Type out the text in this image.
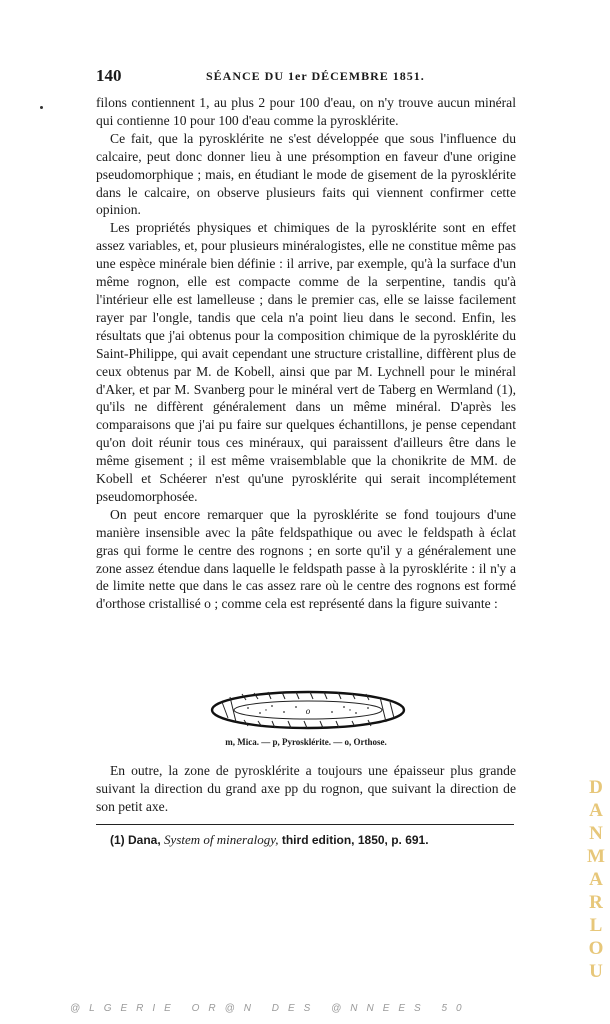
140	SÉANCE DU 1er DÉCEMBRE 1851.

filons contiennent 1, au plus 2 pour 100 d'eau, on n'y trouve aucun minéral qui contienne 10 pour 100 d'eau comme la pyrosklérite.

Ce fait, que la pyrosklérite ne s'est développée que sous l'influence du calcaire, peut donc donner lieu à une présomption en faveur d'une origine pseudomorphique ; mais, en étudiant le mode de gisement de la pyrosklérite dans le calcaire, on observe plusieurs faits qui viennent confirmer cette opinion.

Les propriétés physiques et chimiques de la pyrosklérite sont en effet assez variables, et, pour plusieurs minéralogistes, elle ne constitue même pas une espèce minérale bien définie : il arrive, par exemple, qu'à la surface d'un même rognon, elle est compacte comme de la serpentine, tandis qu'à l'intérieur elle est lamelleuse ; dans le premier cas, elle se laisse facilement rayer par l'ongle, tandis que cela n'a point lieu dans le second. Enfin, les résultats que j'ai obtenus pour la composition chimique de la pyrosklérite du Saint-Philippe, qui avait cependant une structure cristalline, diffèrent plus de ceux obtenus par M. de Kobell, ainsi que par M. Lychnell pour le minéral d'Aker, et par M. Svanberg pour le minéral vert de Taberg en Wermland (1), qu'ils ne diffèrent généralement dans un même minéral. D'après les comparaisons que j'ai pu faire sur quelques échantillons, je pense cependant qu'on doit réunir tous ces minéraux, qui paraissent d'ailleurs être dans le même gisement ; il est même vraisemblable que la chonikrite de MM. de Kobell et Schéerer n'est qu'une pyrosklérite qui serait incomplétement pseudomorphosée.

On peut encore remarquer que la pyrosklérite se fond toujours d'une manière insensible avec la pâte feldspathique ou avec le feldspath à éclat gras qui forme le centre des rognons ; en sorte qu'il y a généralement une zone assez étendue dans laquelle le feldspath passe à la pyrosklérite : il n'y a de limite nette que dans le cas assez rare où le centre des rognons est formé d'orthose cristallisé o ; comme cela est représenté dans la figure suivante :

o
m, Mica. — p, Pyrosklérite. — o, Orthose.

En outre, la zone de pyrosklérite a toujours une épaisseur plus grande suivant la direction du grand axe pp du rognon, que suivant la direction de son petit axe.

(1) Dana, System of mineralogy, third edition, 1850, p. 691.
D
A
N
M
A
R
L
O
U
@LGERIE OR@N DES @NNEES 50
